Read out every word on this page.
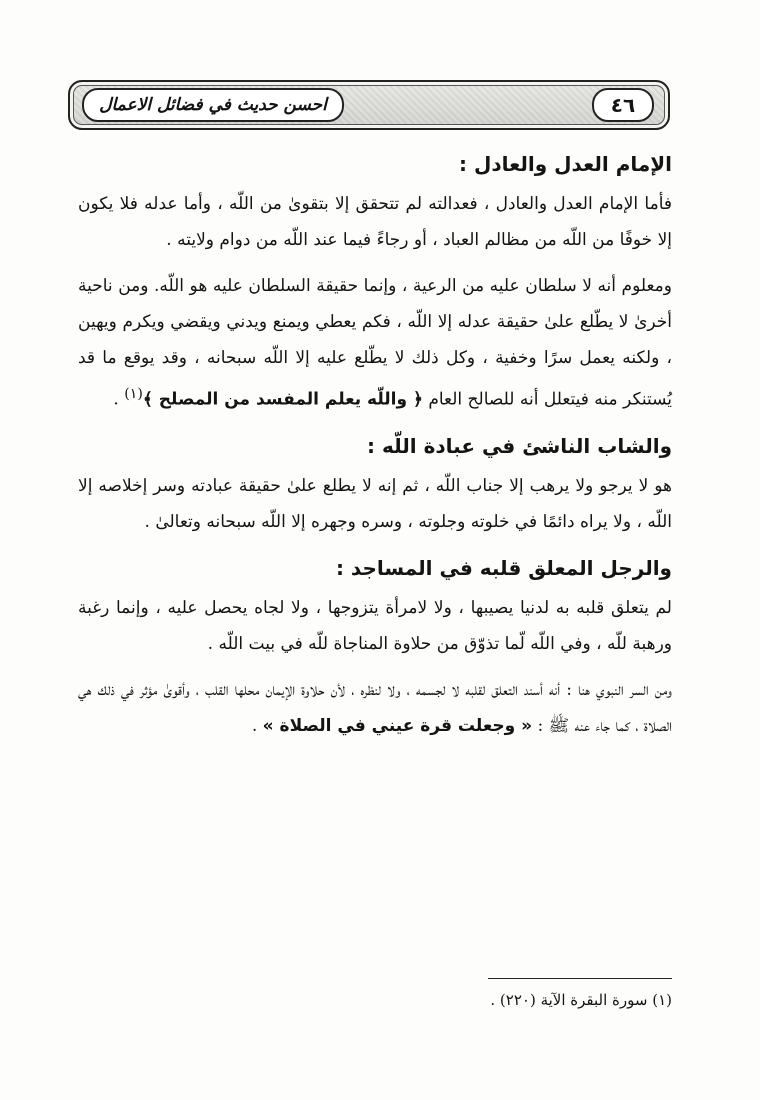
احسن حديث في فضائل الاعمال	٤٦
الإمام العدل والعادل :

فأما الإمام العدل والعادل ، فعدالته لم تتحقق إلا بتقوىٰ من اللّه ، وأما عدله فلا يكون إلا خوفًا من اللّه من مظالم العباد ، أو رجاءً فيما عند اللّه من دوام ولايته .

ومعلوم أنه لا سلطان عليه من الرعية ، وإنما حقيقة السلطان عليه هو اللّه. ومن ناحية أخرىٰ لا يطّلع علىٰ حقيقة عدله إلا اللّه ، فكم يعطي ويمنع ويدني ويقضي ويكرم ويهين ، ولكنه يعمل سرًا وخفية ، وكل ذلك لا يطّلع عليه إلا اللّه سبحانه ، وقد يوقع ما قد يُستنكر منه فيتعلل أنه للصالح العام ﴿ واللّه يعلم المفسد من المصلح ﴾$^{(١)}$ .

والشاب الناشئ في عبادة اللّه :

هو لا يرجو ولا يرهب إلا جناب اللّه ، ثم إنه لا يطلع علىٰ حقيقة عبادته وسر إخلاصه إلا اللّه ، ولا يراه دائمًا في خلوته وجلوته ، وسره وجهره إلا اللّه سبحانه وتعالىٰ .

والرجل المعلق قلبه في المساجد :

لم يتعلق قلبه به لدنيا يصيبها ، ولا لامرأة يتزوجها ، ولا لجاه يحصل عليه ، وإنما رغبة ورهبة للّه ، وفي اللّه لّما تذوّق من حلاوة المناجاة للّه في بيت اللّه .

ومن السر النبوي هنا : أنه أسند التعلق لقلبه لا لجسمه ، ولا لنظره ، لأن حلاوة الإيمان محلها القلب ، وأقوىٰ مؤثر في ذلك هي الصلاة ، كما جاء عنه ﷺ : « وجعلت قرة عيني في الصلاة » .

(١) سورة البقرة الآية (٢٢٠) .
